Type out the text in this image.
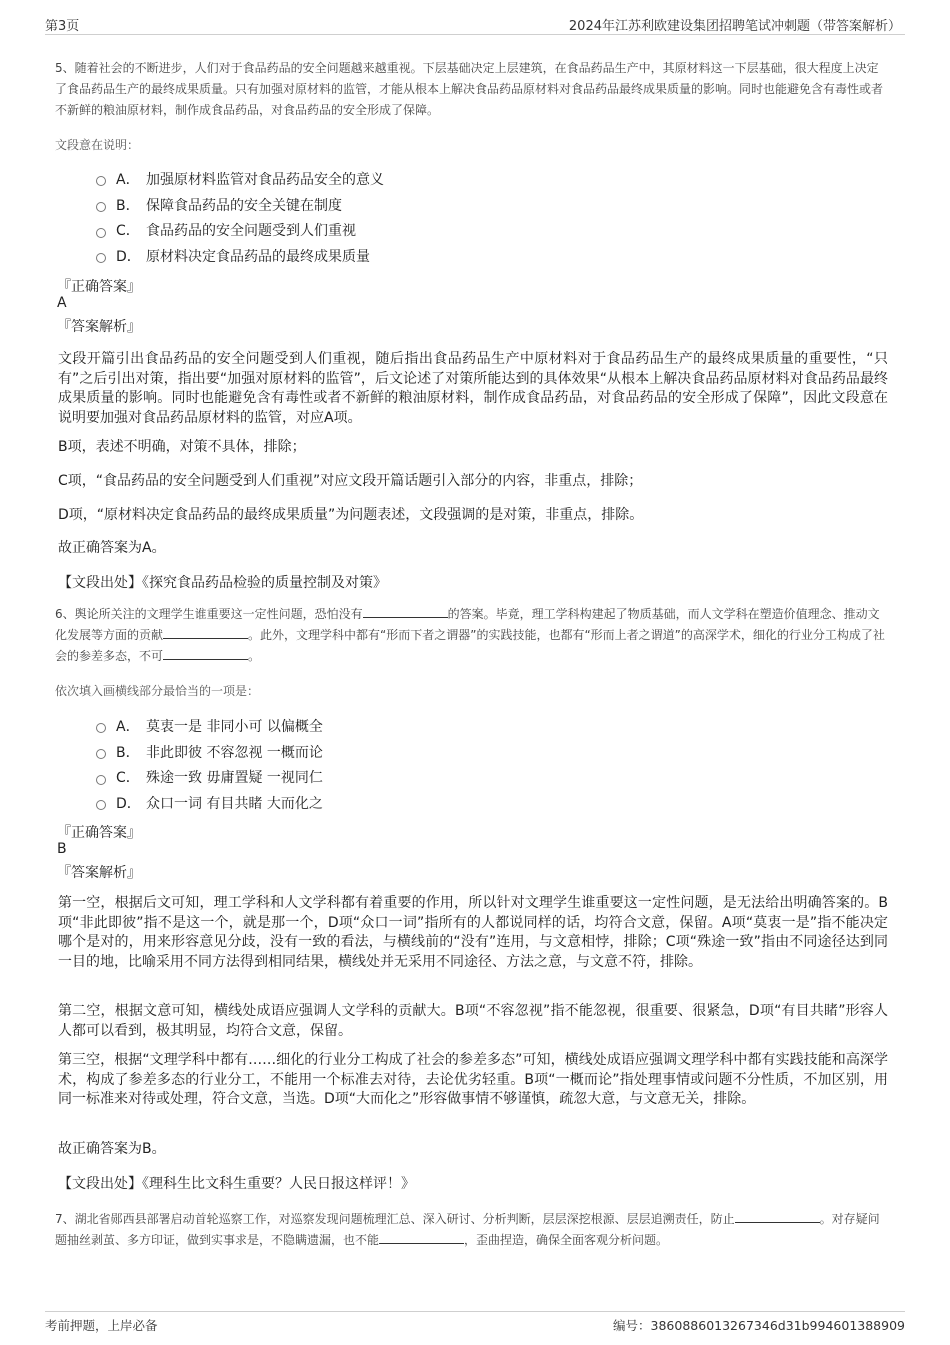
第3页	2024年江苏利欧建设集团招聘笔试冲刺题（带答案解析）
5、随着社会的不断进步，人们对于食品药品的安全问题越来越重视。下层基础决定上层建筑，在食品药品生产中，其原材料这一下层基础，很大程度上决定了食品药品生产的最终成果质量。只有加强对原材料的监管，才能从根本上解决食品药品原材料对食品药品最终成果质量的影响。同时也能避免含有毒性或者不新鲜的粮油原材料，制作成食品药品，对食品药品的安全形成了保障。
文段意在说明：
A． 加强原材料监管对食品药品安全的意义
B． 保障食品药品的安全关键在制度
C． 食品药品的安全问题受到人们重视
D． 原材料决定食品药品的最终成果质量
『正确答案』
A
『答案解析』
文段开篇引出食品药品的安全问题受到人们重视，随后指出食品药品生产中原材料对于食品药品生产的最终成果质量的重要性，“只有”之后引出对策，指出要“加强对原材料的监管”，后文论述了对策所能达到的具体效果“从根本上解决食品药品原材料对食品药品最终成果质量的影响。同时也能避免含有毒性或者不新鲜的粮油原材料，制作成食品药品，对食品药品的安全形成了保障”，因此文段意在说明要加强对食品药品原材料的监管，对应A项。
B项，表述不明确，对策不具体，排除；
C项，“食品药品的安全问题受到人们重视”对应文段开篇话题引入部分的内容，非重点，排除；
D项，“原材料决定食品药品的最终成果质量”为问题表述，文段强调的是对策，非重点，排除。
故正确答案为A。
【文段出处】《探究食品药品检验的质量控制及对策》
6、舆论所关注的文理学生谁重要这一定性问题，恐怕没有	的答案。毕竟，理工学科构建起了物质基础，而人文学科在塑造价值理念、推动文化发展等方面的贡献	。此外，文理学科中都有“形而下者之谓器”的实践技能，也都有“形而上者之谓道”的高深学术，细化的行业分工构成了社会的参差多态，不可	。
依次填入画横线部分最恰当的一项是：
A． 莫衷一是 非同小可 以偏概全
B． 非此即彼 不容忽视 一概而论
C． 殊途一致 毋庸置疑 一视同仁
D． 众口一词 有目共睹 大而化之
『正确答案』
B
『答案解析』
第一空，根据后文可知，理工学科和人文学科都有着重要的作用，所以针对文理学生谁重要这一定性问题，是无法给出明确答案的。B项“非此即彼”指不是这一个，就是那一个，D项“众口一词”指所有的人都说同样的话，均符合文意，保留。A项“莫衷一是”指不能决定哪个是对的，用来形容意见分歧，没有一致的看法，与横线前的“没有”连用，与文意相悖，排除；C项“殊途一致”指由不同途径达到同一目的地，比喻采用不同方法得到相同结果，横线处并无采用不同途径、方法之意，与文意不符，排除。
第二空，根据文意可知，横线处成语应强调人文学科的贡献大。B项“不容忽视”指不能忽视，很重要、很紧急，D项“有目共睹”形容人人都可以看到，极其明显，均符合文意，保留。
第三空，根据“文理学科中都有……细化的行业分工构成了社会的参差多态”可知，横线处成语应强调文理学科中都有实践技能和高深学术，构成了参差多态的行业分工，不能用一个标准去对待，去论优劣轻重。B项“一概而论”指处理事情或问题不分性质，不加区别，用同一标准来对待或处理，符合文意，当选。D项“大而化之”形容做事情不够谨慎，疏忽大意，与文意无关，排除。
故正确答案为B。
【文段出处】《理科生比文科生重要？人民日报这样评！》
7、湖北省郧西县部署启动首轮巡察工作，对巡察发现问题梳理汇总、深入研讨、分析判断，层层深挖根源、层层追溯责任，防止	。对存疑问题抽丝剥茧、多方印证，做到实事求是，不隐瞒遗漏，也不能	，歪曲捏造，确保全面客观分析问题。
考前押题，上岸必备	编号：3860886013267346d31b994601388909
